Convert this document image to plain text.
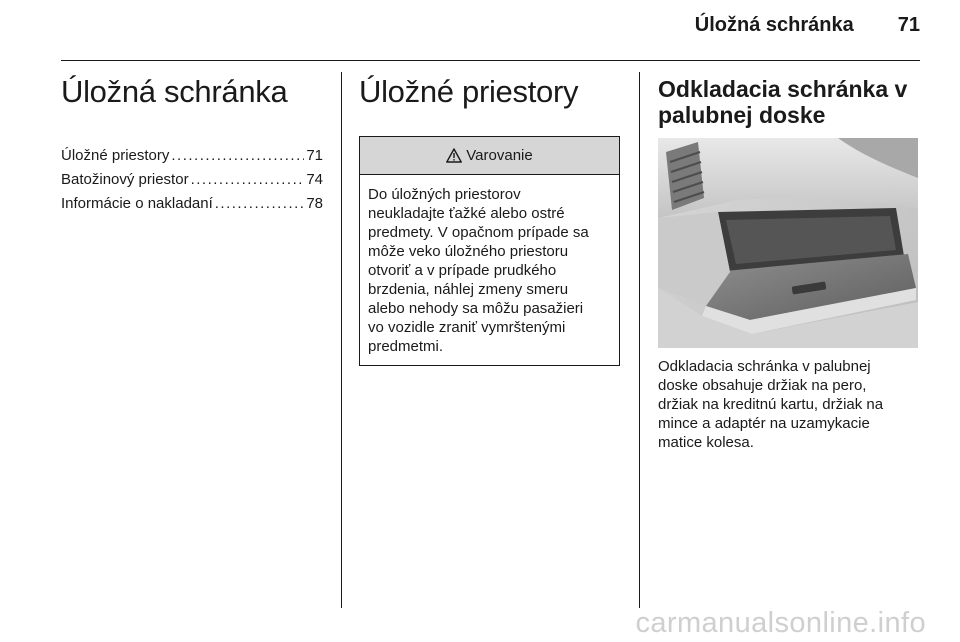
Úložná schránka 71
Úložná schránka
Úložné priestory .....	71
Batožinový priestor .....	74
Informácie o nakladaní .....	78
Úložné priestory
Varovanie
Do úložných priestorov
neukladajte ťažké alebo ostré
predmety. V opačnom prípade sa
môže veko úložného priestoru
otvoriť a v prípade prudkého
brzdenia, náhlej zmeny smeru
alebo nehody sa môžu pasažieri
vo vozidle zraniť vymrštenými
predmetmi.
Odkladacia schránka v
palubnej doske
Odkladacia schránka v palubnej
doske obsahuje držiak na pero,
držiak na kreditnú kartu, držiak na
mince a adaptér na uzamykacie
matice kolesa.
carmanualsonline.info
